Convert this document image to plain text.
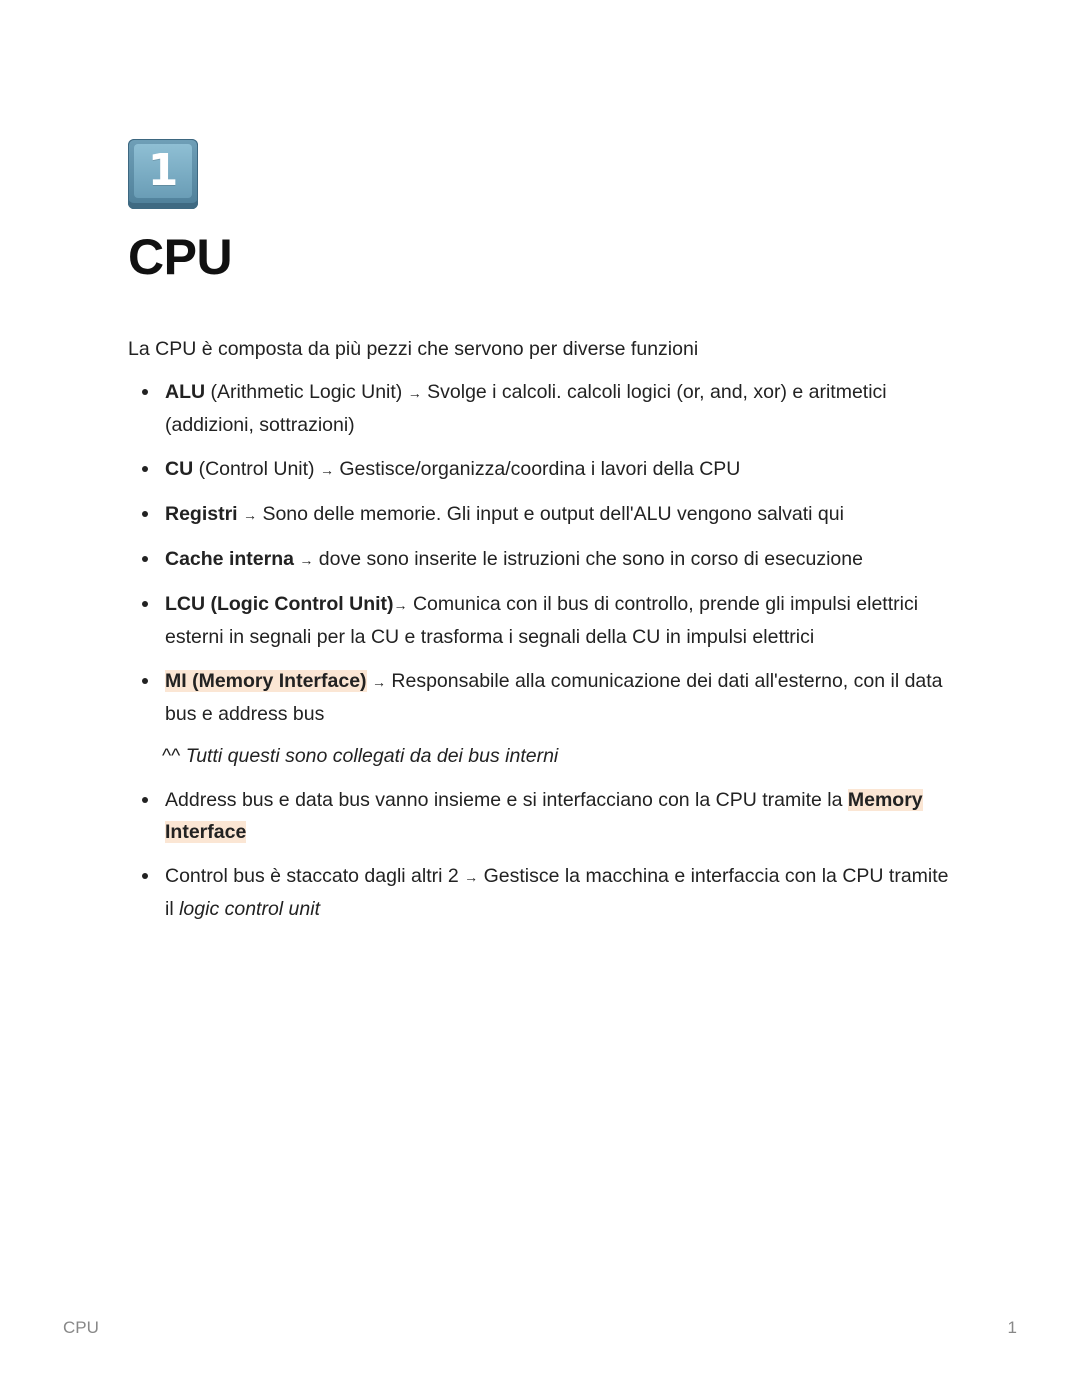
1
CPU

La CPU è composta da più pezzi che servono per diverse funzioni

ALU (Arithmetic Logic Unit) → Svolge i calcoli. calcoli logici (or, and, xor) e aritmetici (addizioni, sottrazioni)
CU (Control Unit) → Gestisce/organizza/coordina i lavori della CPU
Registri → Sono delle memorie. Gli input e output dell'ALU vengono salvati qui
Cache interna → dove sono inserite le istruzioni che sono in corso di esecuzione
LCU (Logic Control Unit)→ Comunica con il bus di controllo, prende gli impulsi elettrici esterni in segnali per la CU e trasforma i segnali della CU in impulsi elettrici
MI (Memory Interface) → Responsabile alla comunicazione dei dati all'esterno, con il data bus e address bus

^^ Tutti questi sono collegati da dei bus interni

Address bus e data bus vanno insieme e si interfacciano con la CPU tramite la Memory Interface
Control bus è staccato dagli altri 2 → Gestisce la macchina e interfaccia con la CPU tramite il logic control unit
CPU	1
